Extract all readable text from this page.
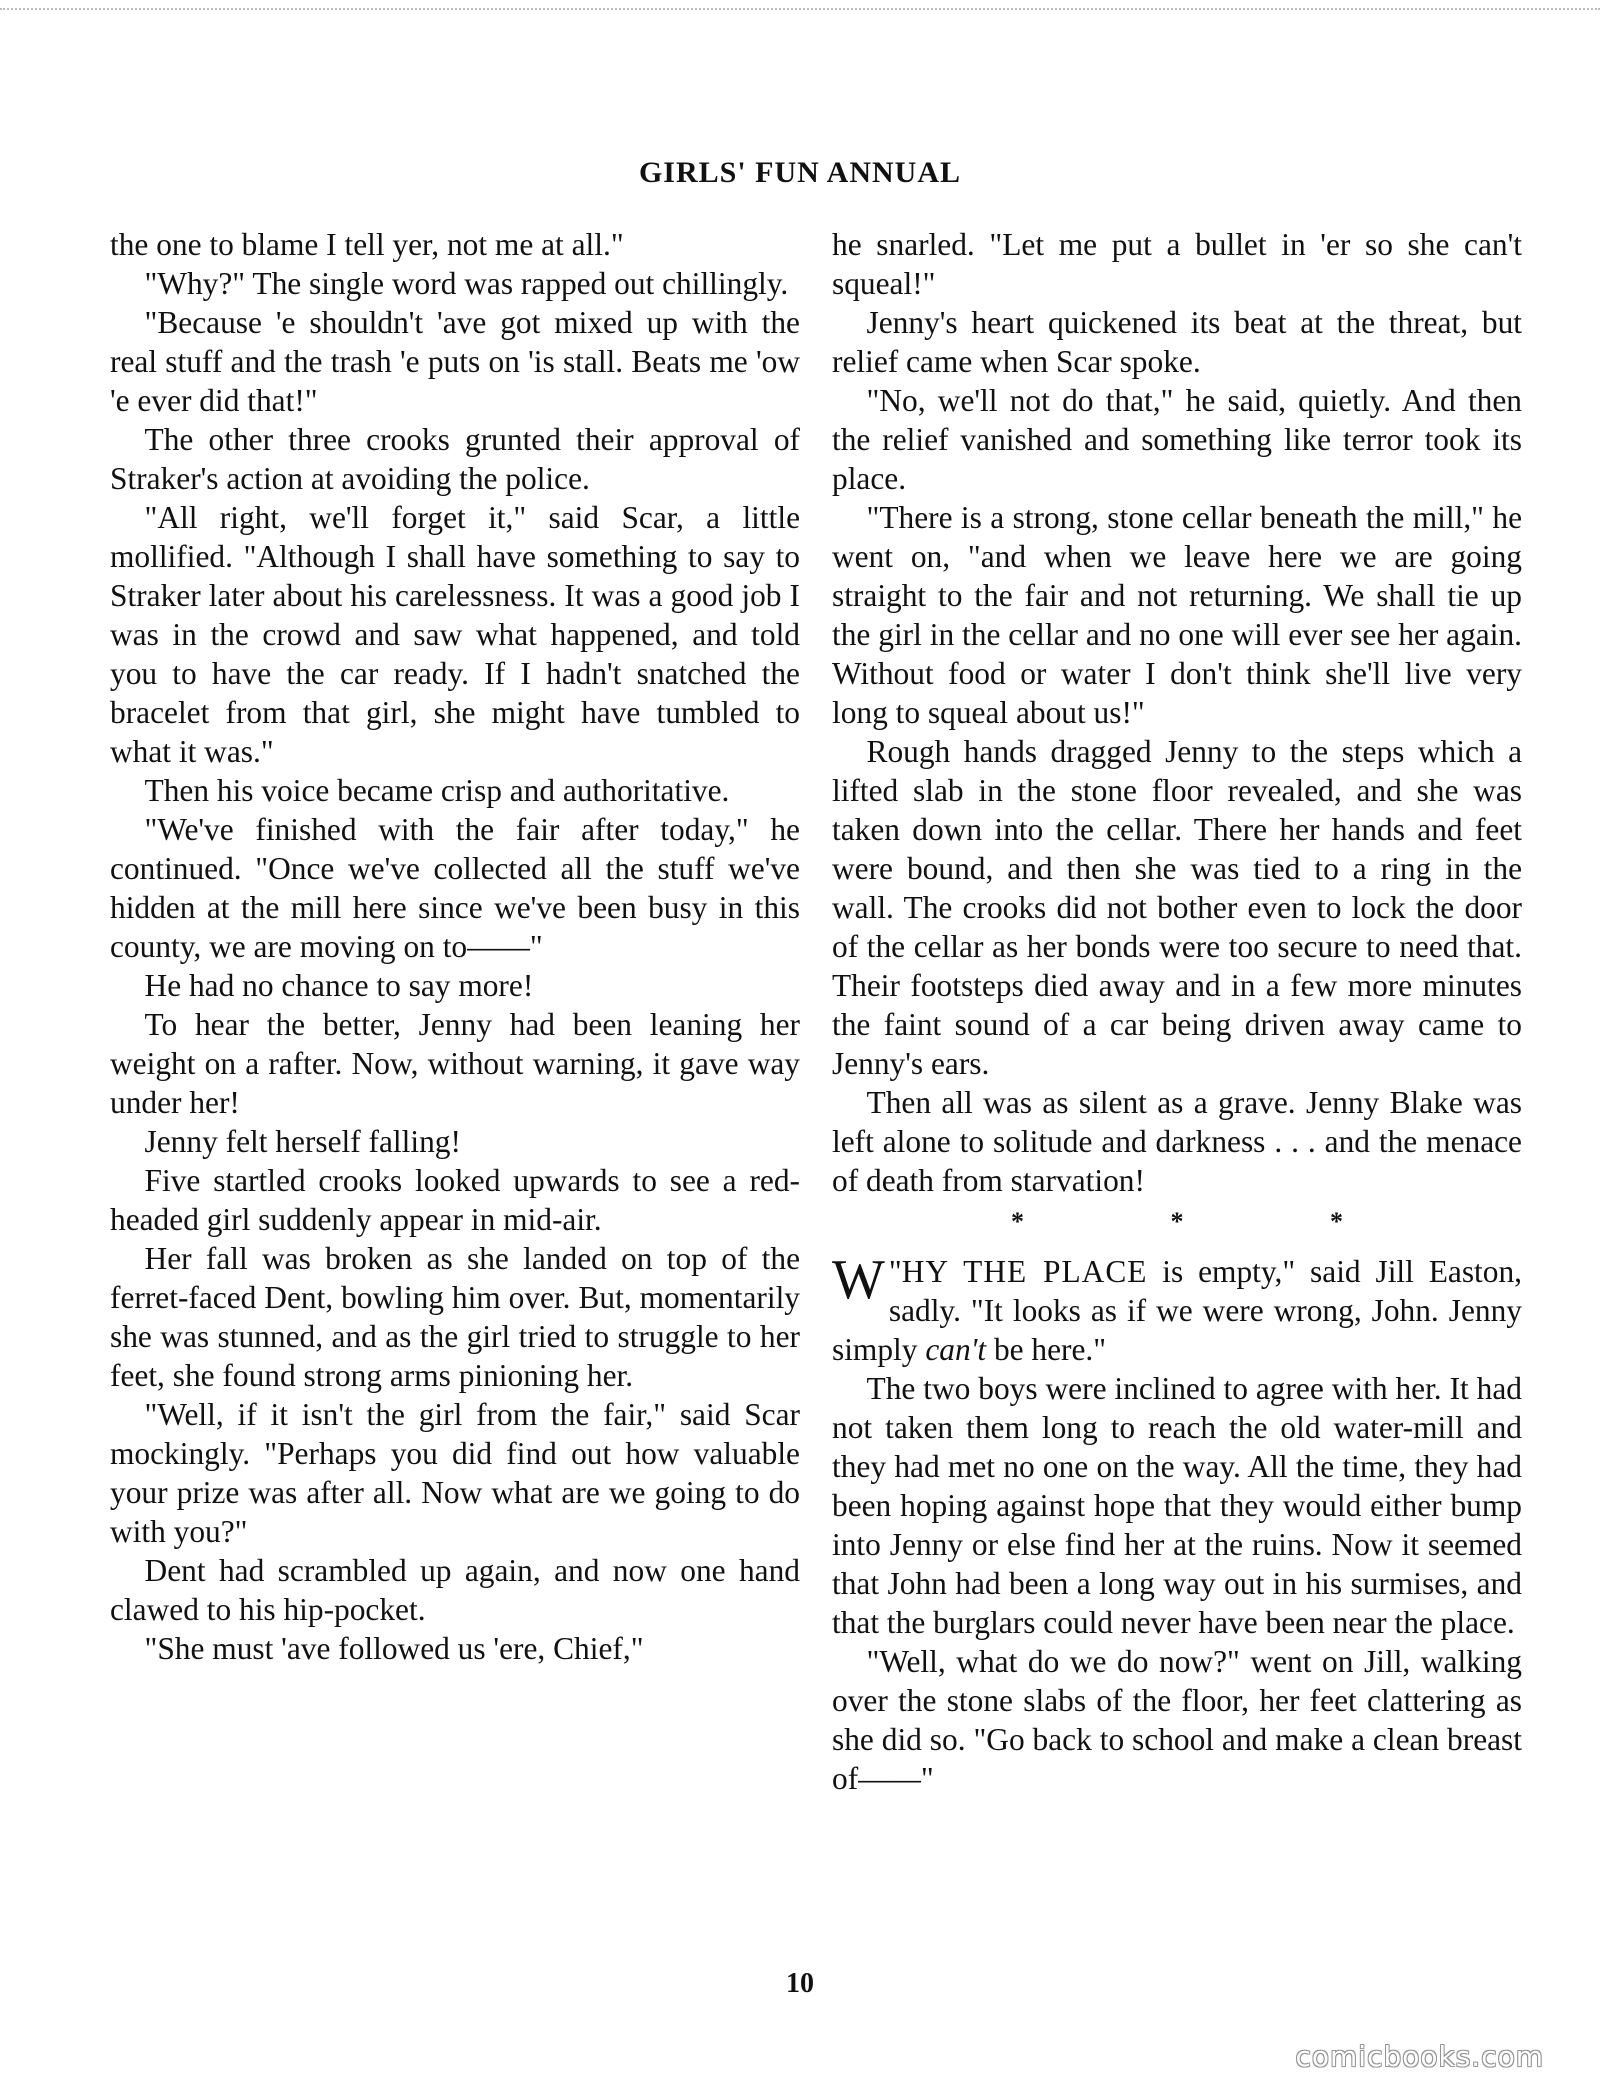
GIRLS' FUN ANNUAL

the one to blame I tell yer, not me at all."

"Why?" The single word was rapped out chillingly.

"Because 'e shouldn't 'ave got mixed up with the real stuff and the trash 'e puts on 'is stall. Beats me 'ow 'e ever did that!"

The other three crooks grunted their approval of Straker's action at avoiding the police.

"All right, we'll forget it," said Scar, a little mollified. "Although I shall have something to say to Straker later about his carelessness. It was a good job I was in the crowd and saw what happened, and told you to have the car ready. If I hadn't snatched the bracelet from that girl, she might have tumbled to what it was."

Then his voice became crisp and authoritative.

"We've finished with the fair after today," he continued. "Once we've collected all the stuff we've hidden at the mill here since we've been busy in this county, we are moving on to——"

He had no chance to say more!

To hear the better, Jenny had been leaning her weight on a rafter. Now, without warning, it gave way under her!

Jenny felt herself falling!

Five startled crooks looked upwards to see a red-headed girl suddenly appear in mid-air.

Her fall was broken as she landed on top of the ferret-faced Dent, bowling him over. But, momentarily she was stunned, and as the girl tried to struggle to her feet, she found strong arms pinioning her.

"Well, if it isn't the girl from the fair," said Scar mockingly. "Perhaps you did find out how valuable your prize was after all. Now what are we going to do with you?"

Dent had scrambled up again, and now one hand clawed to his hip-pocket.

"She must 'ave followed us 'ere, Chief,"

he snarled. "Let me put a bullet in 'er so she can't squeal!"

Jenny's heart quickened its beat at the threat, but relief came when Scar spoke.

"No, we'll not do that," he said, quietly. And then the relief vanished and something like terror took its place.

"There is a strong, stone cellar beneath the mill," he went on, "and when we leave here we are going straight to the fair and not returning. We shall tie up the girl in the cellar and no one will ever see her again. Without food or water I don't think she'll live very long to squeal about us!"

Rough hands dragged Jenny to the steps which a lifted slab in the stone floor revealed, and she was taken down into the cellar. There her hands and feet were bound, and then she was tied to a ring in the wall. The crooks did not bother even to lock the door of the cellar as her bonds were too secure to need that. Their footsteps died away and in a few more minutes the faint sound of a car being driven away came to Jenny's ears.

Then all was as silent as a grave. Jenny Blake was left alone to solitude and darkness . . . and the menace of death from starvation!

* * *

"
W HY THE PLACE is empty," said Jill Easton, sadly. "It looks as if we were wrong, John. Jenny simply can't be here."

The two boys were inclined to agree with her. It had not taken them long to reach the old water-mill and they had met no one on the way. All the time, they had been hoping against hope that they would either bump into Jenny or else find her at the ruins. Now it seemed that John had been a long way out in his surmises, and that the burglars could never have been near the place.

"Well, what do we do now?" went on Jill, walking over the stone slabs of the floor, her feet clattering as she did so. "Go back to school and make a clean breast of——"

10
comicbooks.com
